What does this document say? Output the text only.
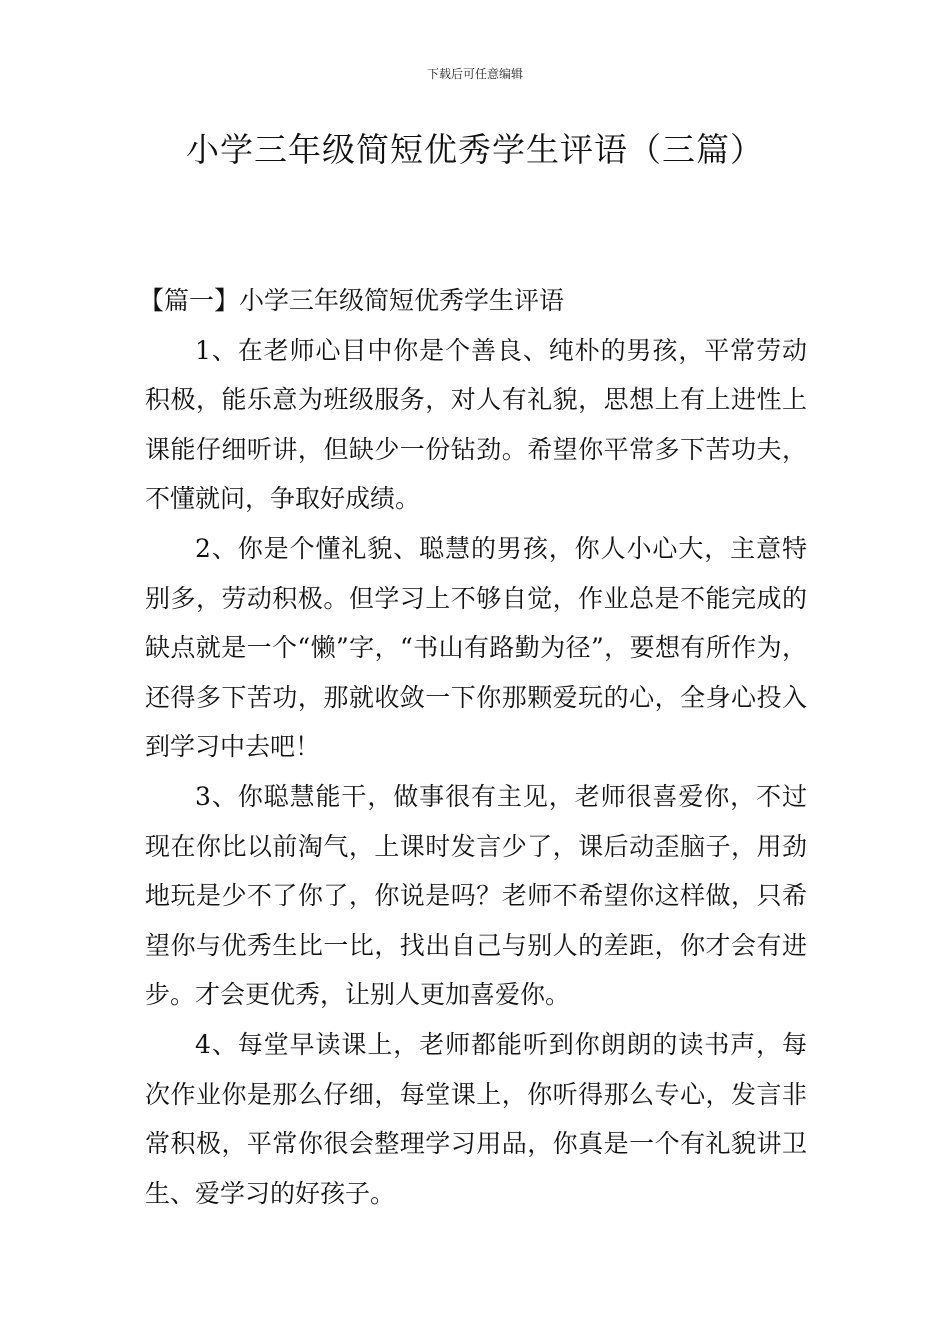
下载后可任意编辑
小学三年级简短优秀学生评语（三篇）
【篇一】小学三年级简短优秀学生评语

1、在老师心目中你是个善良、纯朴的男孩，平常劳动积极，能乐意为班级服务，对人有礼貌，思想上有上进性上课能仔细听讲，但缺少一份钻劲。希望你平常多下苦功夫，不懂就问，争取好成绩。

2、你是个懂礼貌、聪慧的男孩，你人小心大，主意特别多，劳动积极。但学习上不够自觉，作业总是不能完成的缺点就是一个“懒”字，“书山有路勤为径”，要想有所作为，还得多下苦功，那就收敛一下你那颗爱玩的心，全身心投入到学习中去吧！

3、你聪慧能干，做事很有主见，老师很喜爱你，不过现在你比以前淘气，上课时发言少了，课后动歪脑子，用劲地玩是少不了你了，你说是吗？老师不希望你这样做，只希望你与优秀生比一比，找出自己与别人的差距，你才会有进步。才会更优秀，让别人更加喜爱你。

4、每堂早读课上，老师都能听到你朗朗的读书声，每次作业你是那么仔细，每堂课上，你听得那么专心，发言非常积极，平常你很会整理学习用品，你真是一个有礼貌讲卫生、爱学习的好孩子。
